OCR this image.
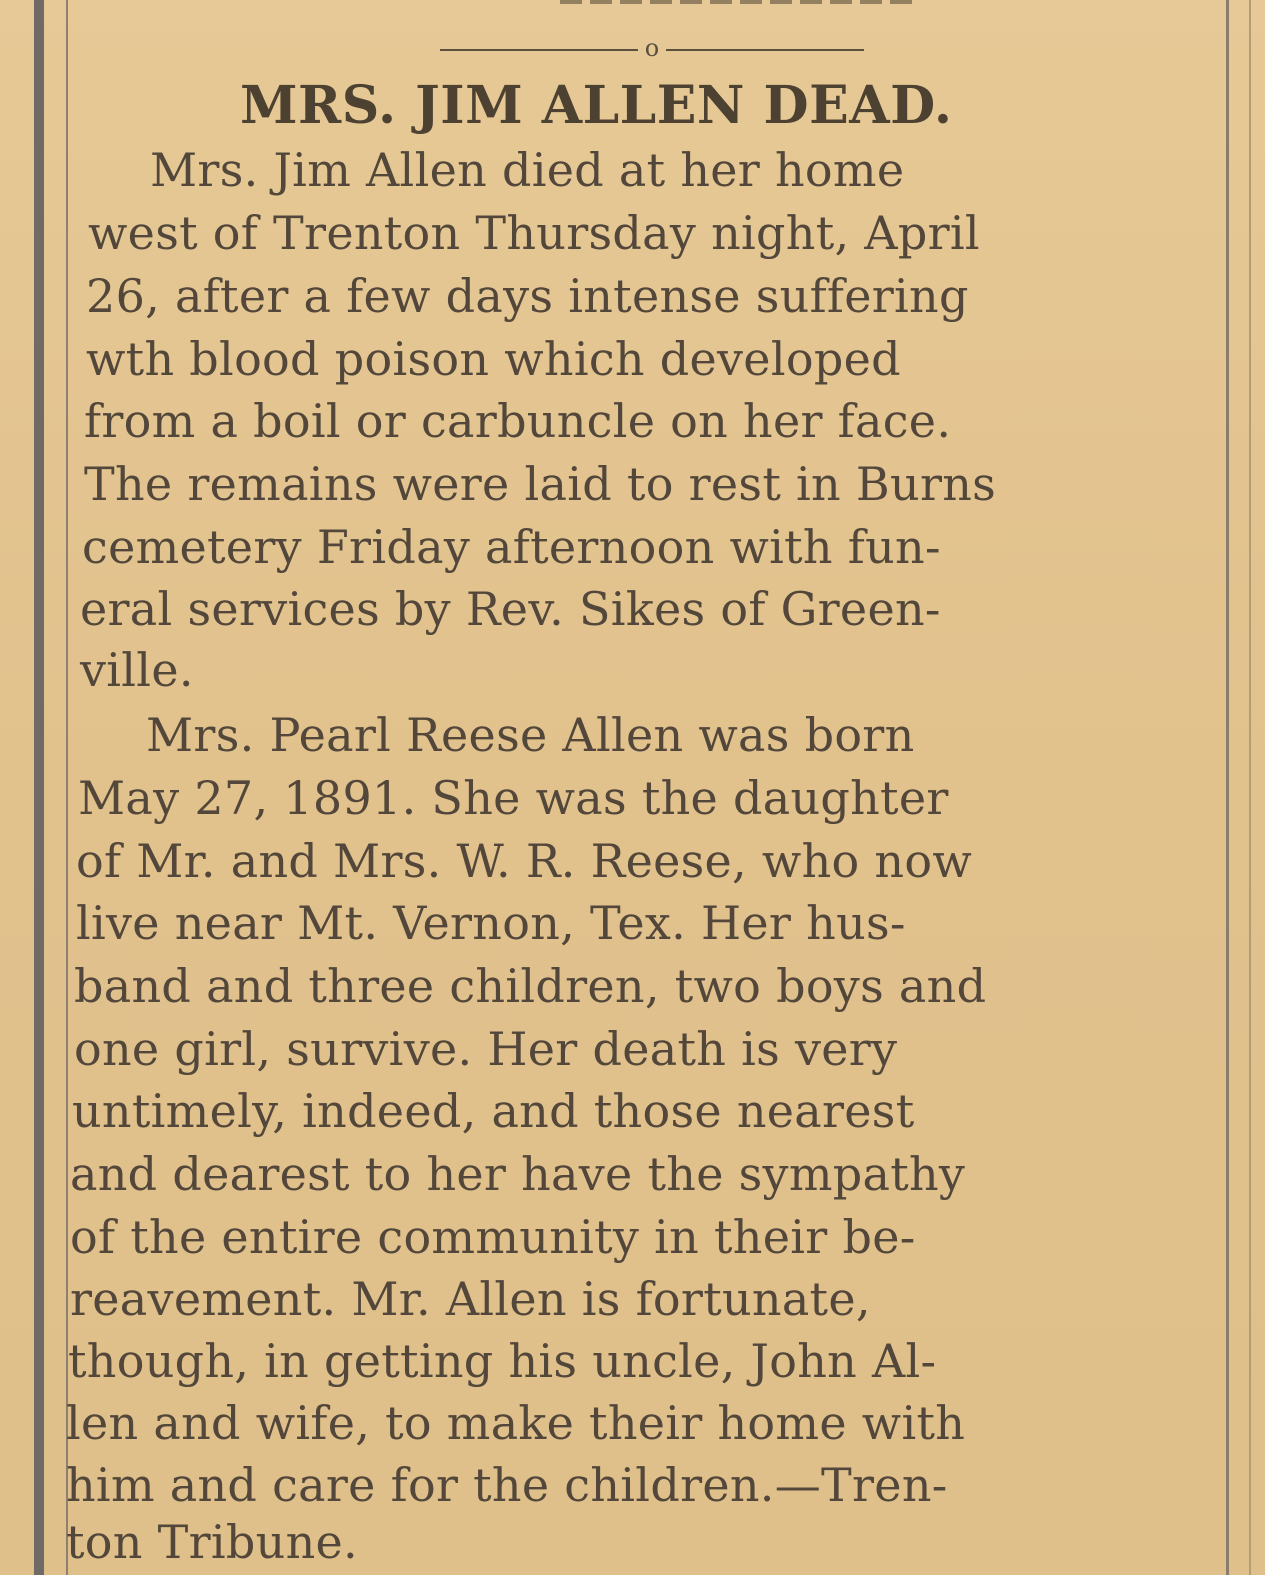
o
MRS. JIM ALLEN DEAD.
Mrs. Jim Allen died at her home
west of Trenton Thursday night, April
26, after a few days intense suffering
wth blood poison which developed
from a boil or carbuncle on her face.
The remains were laid to rest in Burns
cemetery Friday afternoon with fun-
eral services by Rev. Sikes of Green-
ville.
Mrs. Pearl Reese Allen was born
May 27, 1891. She was the daughter
of Mr. and Mrs. W. R. Reese, who now
live near Mt. Vernon, Tex. Her hus-
band and three children, two boys and
one girl, survive. Her death is very
untimely, indeed, and those nearest
and dearest to her have the sympathy
of the entire community in their be-
reavement. Mr. Allen is fortunate,
though, in getting his uncle, John Al-
len and wife, to make their home with
him and care for the children.—Tren-
ton Tribune.
